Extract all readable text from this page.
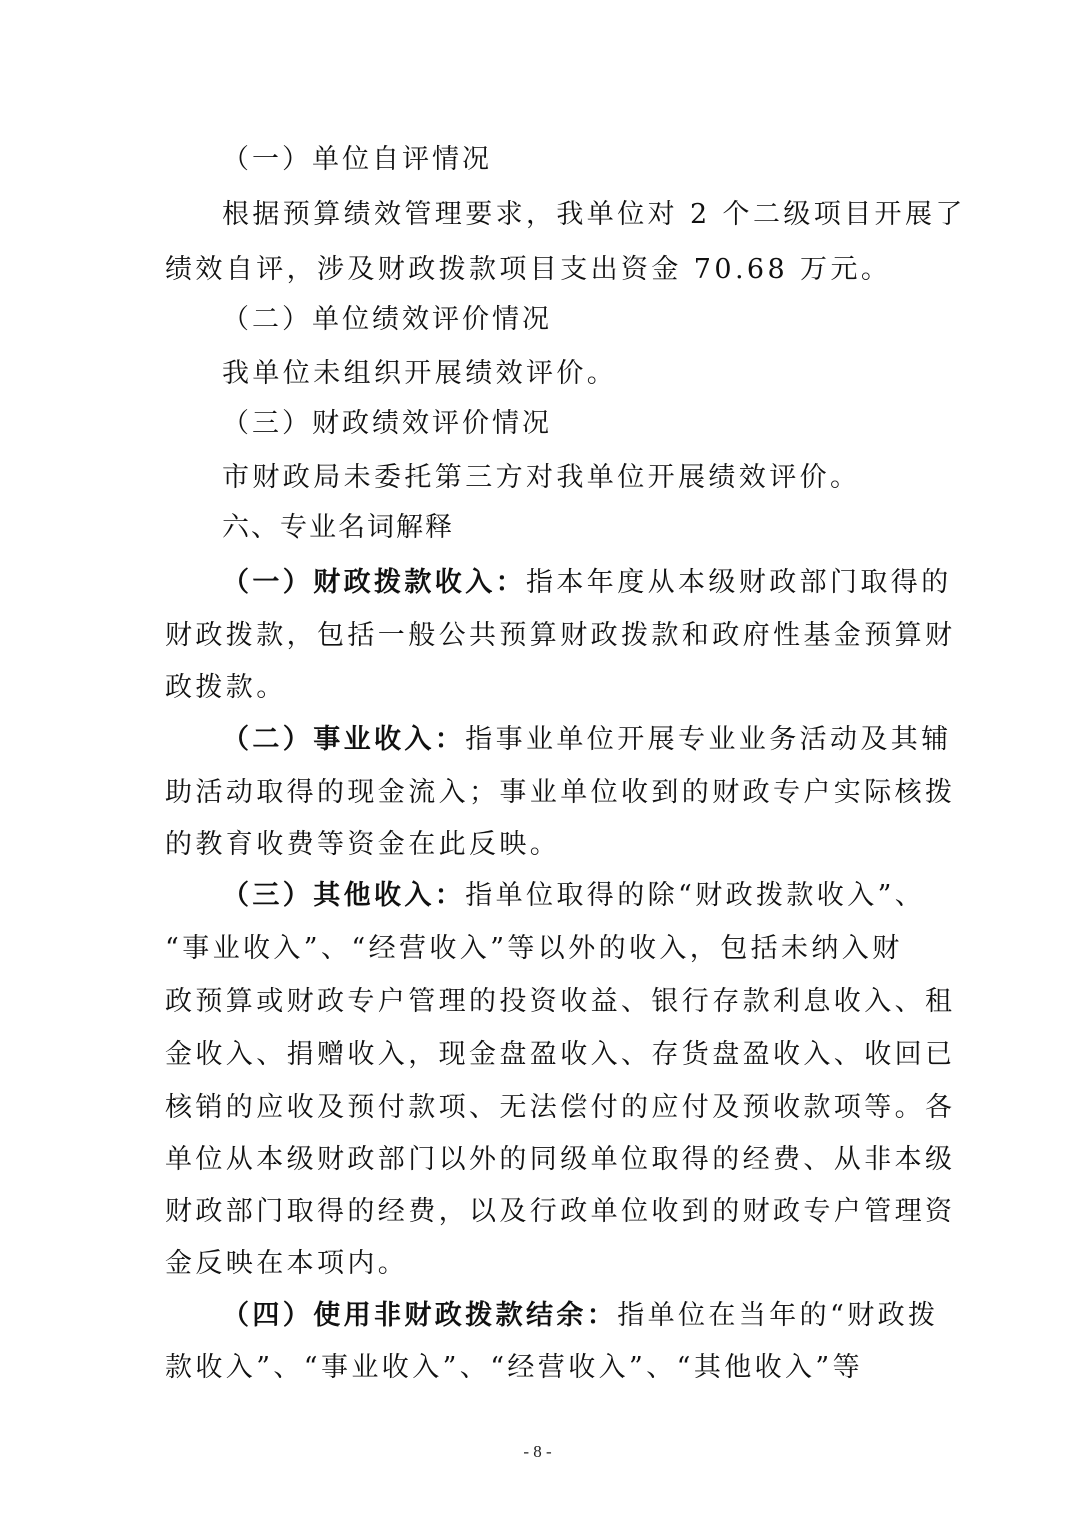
（一）单位自评情况
根据预算绩效管理要求，我单位对 2 个二级项目开展了
绩效自评，涉及财政拨款项目支出资金 70.68 万元。
（二）单位绩效评价情况
我单位未组织开展绩效评价。
（三）财政绩效评价情况
市财政局未委托第三方对我单位开展绩效评价。
六、专业名词解释
（一）财政拨款收入：指本年度从本级财政部门取得的
财政拨款，包括一般公共预算财政拨款和政府性基金预算财
政拨款。
（二）事业收入：指事业单位开展专业业务活动及其辅
助活动取得的现金流入；事业单位收到的财政专户实际核拨
的教育收费等资金在此反映。
（三）其他收入：指单位取得的除“财政拨款收入”、
“事业收入”、“经营收入”等以外的收入，包括未纳入财
政预算或财政专户管理的投资收益、银行存款利息收入、租
金收入、捐赠收入，现金盘盈收入、存货盘盈收入、收回已
核销的应收及预付款项、无法偿付的应付及预收款项等。各
单位从本级财政部门以外的同级单位取得的经费、从非本级
财政部门取得的经费，以及行政单位收到的财政专户管理资
金反映在本项内。
（四）使用非财政拨款结余：指单位在当年的“财政拨
款收入”、“事业收入”、“经营收入”、“其他收入”等
- 8 -
